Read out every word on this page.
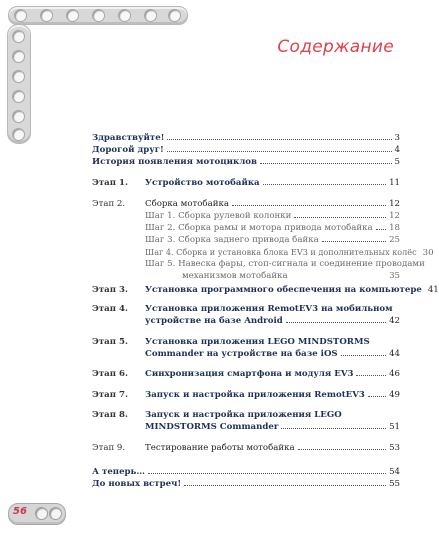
Содержание
Здравствуйте!	3
Дорогой друг!	4
История появления мотоциклов	5
Этап 1.	Устройство мотобайка	11
Этап 2.	Сборка мотобайка	12
Шаг 1. Сборка рулевой колонки	12
Шаг 2. Сборка рамы и мотора привода мотобайка 18
Шаг 3. Сборка заднего привода байка	25
Шаг 4. Сборка и установка блока EV3 и дополнительных колёс 30
Шаг 5. Навеска фары, стоп-сигнала и соединение проводами
механизмов мотобайка	35
Этап 3.	Установка программного обеспечения на компьютере 41
Этап 4.	Установка приложения RemotEV3 на мобильном
устройстве на базе Android	42
Этап 5.	Установка приложения LEGO MINDSTORMS
Commander на устройстве на базе iOS	44
Этап 6.	Синхронизация смартфона и модуля EV3	46
Этап 7.	Запуск и настройка приложения RemotEV3	49
Этап 8.	Запуск и настройка приложения LEGO
MINDSTORMS Commander	51
Этап 9.	Тестирование работы мотобайка	53
А теперь…	54
До новых встреч!	55
56
